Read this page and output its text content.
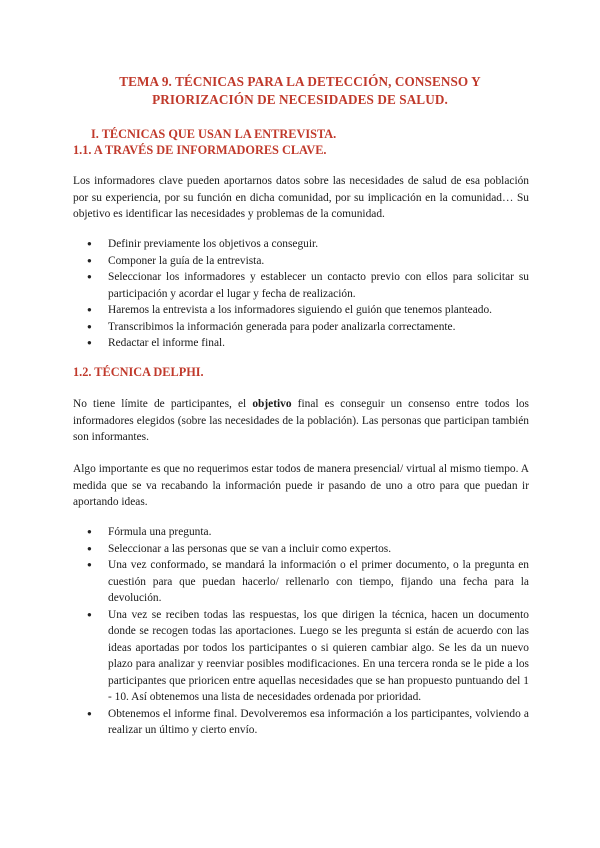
TEMA 9. TÉCNICAS PARA LA DETECCIÓN, CONSENSO Y
PRIORIZACIÓN DE NECESIDADES DE SALUD.
I. TÉCNICAS QUE USAN LA ENTREVISTA.
1.1. A TRAVÉS DE INFORMADORES CLAVE.
Los informadores clave pueden aportarnos datos sobre las necesidades de salud de esa población por su experiencia, por su función en dicha comunidad, por su implicación en la comunidad… Su objetivo es identificar las necesidades y problemas de la comunidad.
● Definir previamente los objetivos a conseguir.
● Componer la guía de la entrevista.
● Seleccionar los informadores y establecer un contacto previo con ellos para solicitar su participación y acordar el lugar y fecha de realización.
● Haremos la entrevista a los informadores siguiendo el guión que tenemos planteado.
● Transcribimos la información generada para poder analizarla correctamente.
● Redactar el informe final.
1.2. TÉCNICA DELPHI.
No tiene límite de participantes, el objetivo final es conseguir un consenso entre todos los informadores elegidos (sobre las necesidades de la población). Las personas que participan también son informantes.
Algo importante es que no requerimos estar todos de manera presencial/ virtual al mismo tiempo. A medida que se va recabando la información puede ir pasando de uno a otro para que puedan ir aportando ideas.
● Fórmula una pregunta.
● Seleccionar a las personas que se van a incluir como expertos.
● Una vez conformado, se mandará la información o el primer documento, o la pregunta en cuestión para que puedan hacerlo/ rellenarlo con tiempo, fijando una fecha para la devolución.
● Una vez se reciben todas las respuestas, los que dirigen la técnica, hacen un documento donde se recogen todas las aportaciones. Luego se les pregunta si están de acuerdo con las ideas aportadas por todos los participantes o si quieren cambiar algo. Se les da un nuevo plazo para analizar y reenviar posibles modificaciones. En una tercera ronda se le pide a los participantes que prioricen entre aquellas necesidades que se han propuesto puntuando del 1 - 10. Así obtenemos una lista de necesidades ordenada por prioridad.
● Obtenemos el informe final. Devolveremos esa información a los participantes, volviendo a realizar un último y cierto envío.
